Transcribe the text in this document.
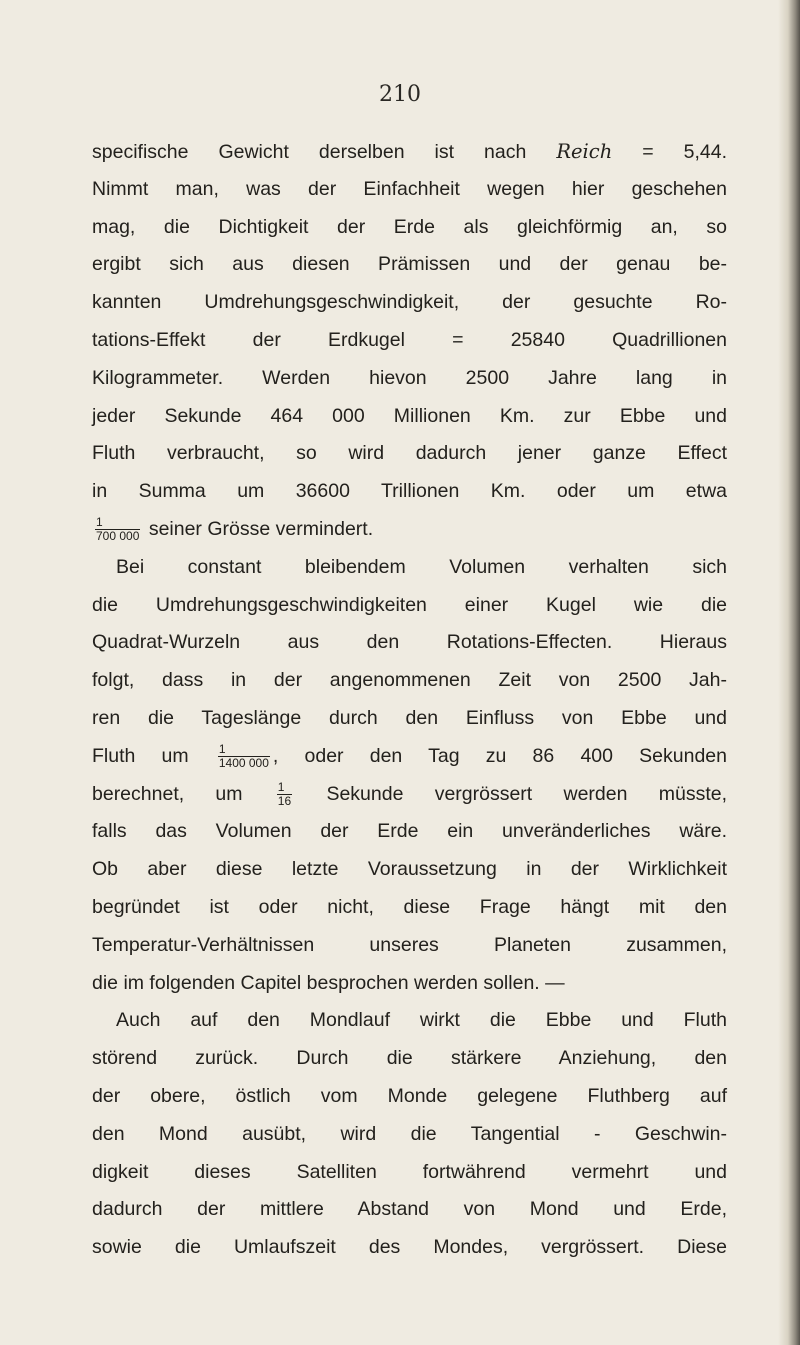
210
specifische Gewicht derselben ist nach Reich = 5,44.
Nimmt man, was der Einfachheit wegen hier geschehen
mag, die Dichtigkeit der Erde als gleichförmig an, so
ergibt sich aus diesen Prämissen und der genau be-
kannten Umdrehungsgeschwindigkeit, der gesuchte Ro-
tations-Effekt der Erdkugel = 25840 Quadrillionen
Kilogrammeter. Werden hievon 2500 Jahre lang in
jeder Sekunde 464 000 Millionen Km. zur Ebbe und
Fluth verbraucht, so wird dadurch jener ganze Effect
in Summa um 36600 Trillionen Km. oder um etwa
$\frac{1}{700 000}$ seiner Grösse vermindert.
Bei constant bleibendem Volumen verhalten sich
die Umdrehungsgeschwindigkeiten einer Kugel wie die
Quadrat-Wurzeln aus den Rotations-Effecten. Hieraus
folgt, dass in der angenommenen Zeit von 2500 Jah-
ren die Tageslänge durch den Einfluss von Ebbe und
Fluth um $\frac{1}{1400 000}$ , oder den Tag zu 86 400 Sekunden
berechnet, um	$\frac{1}{16}$ Sekunde vergrössert werden müsste,
falls das Volumen der Erde ein unveränderliches wäre.
Ob aber diese letzte Voraussetzung in der Wirklichkeit
begründet ist oder nicht, diese Frage hängt mit den
Temperatur-Verhältnissen unseres Planeten zusammen,
die im folgenden Capitel besprochen werden sollen. —
Auch auf den Mondlauf wirkt die Ebbe und Fluth
störend zurück. Durch die stärkere Anziehung, den
der obere, östlich vom Monde gelegene Fluthberg auf
den Mond ausübt, wird die Tangential - Geschwin-
digkeit dieses Satelliten fortwährend vermehrt und
dadurch der mittlere Abstand von Mond und Erde,
sowie die Umlaufszeit des Mondes, vergrössert. Diese
